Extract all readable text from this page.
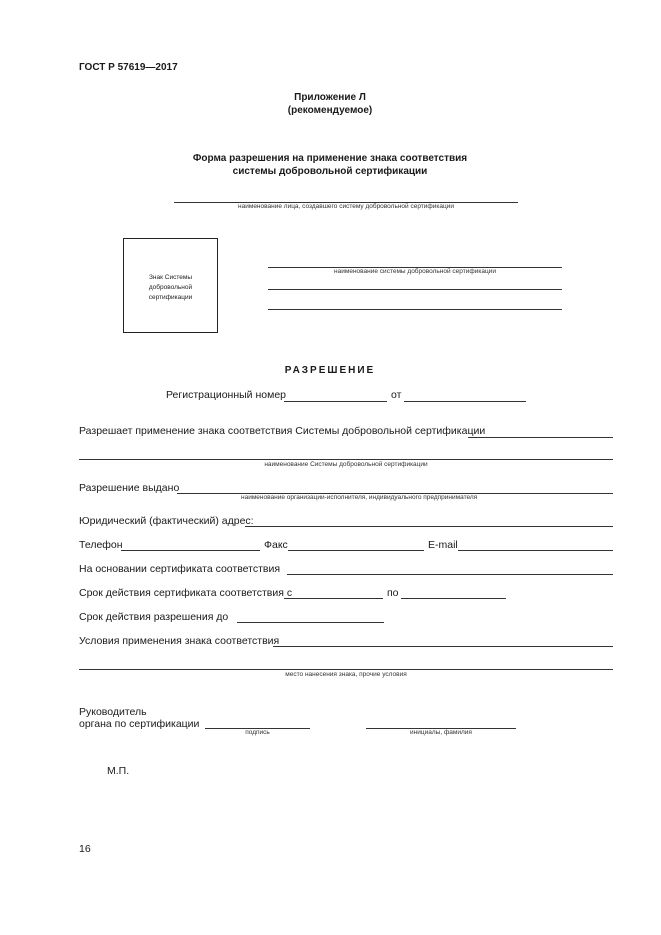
ГОСТ Р 57619—2017
Приложение Л
(рекомендуемое)
Форма разрешения на применение знака соответствия
системы добровольной сертификации
наименование лица, создавшего систему добровольной сертификации
Знак Системы
добровольной
сертификации
наименование системы добровольной сертификации
РАЗРЕШЕНИЕ
Регистрационный номер	от
Разрешает применение знака соответствия Системы добровольной сертификации
наименование Системы добровольной сертификации
Разрешение выдано
наименование организации-исполнителя, индивидуального предпринимателя
Юридический (фактический) адрес:
Телефон	Факс	E-mail
На основании сертификата соответствия
Срок действия сертификата соответствия с	по
Срок действия разрешения до
Условия применения знака соответствия
место нанесения знака, прочие условия
Руководитель
органа по сертификации
подпись	инициалы, фамилия
М.П.
16
